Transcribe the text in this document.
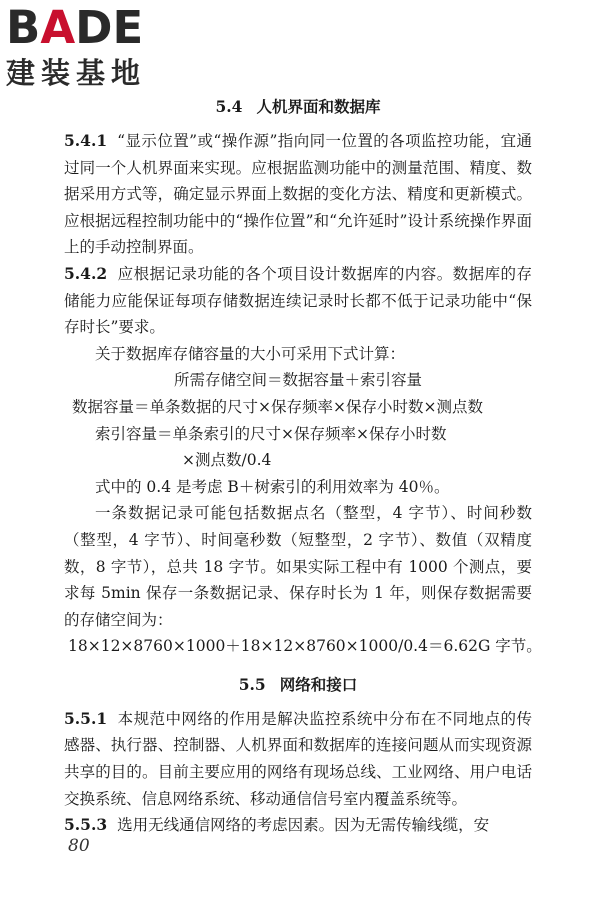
BADE
建装基地
5.4 人机界面和数据库

5.4.1 “显示位置”或“操作源”指向同一位置的各项监控功能，宜通过同一个人机界面来实现。应根据监测功能中的测量范围、精度、数据采用方式等，确定显示界面上数据的变化方法、精度和更新模式。应根据远程控制功能中的“操作位置”和“允许延时”设计系统操作界面上的手动控制界面。

5.4.2 应根据记录功能的各个项目设计数据库的内容。数据库的存储能力应能保证每项存储数据连续记录时长都不低于记录功能中“保存时长”要求。

关于数据库存储容量的大小可采用下式计算：

所需存储空间＝数据容量＋索引容量
数据容量＝单条数据的尺寸×保存频率×保存小时数×测点数
索引容量＝单条索引的尺寸×保存频率×保存小时数
×测点数/0.4

式中的 0.4 是考虑 B＋树索引的利用效率为 40％。

一条数据记录可能包括数据点名（整型，4 字节）、时间秒数（整型，4 字节）、时间毫秒数（短整型，2 字节）、数值（双精度数，8 字节），总共 18 字节。如果实际工程中有 1000 个测点，要求每 5min 保存一条数据记录、保存时长为 1 年，则保存数据需要的存储空间为：

18×12×8760×1000＋18×12×8760×1000/0.4＝6.62G 字节。
5.5 网络和接口

5.5.1 本规范中网络的作用是解决监控系统中分布在不同地点的传感器、执行器、控制器、人机界面和数据库的连接问题从而实现资源共享的目的。目前主要应用的网络有现场总线、工业网络、用户电话交换系统、信息网络系统、移动通信信号室内覆盖系统等。

5.5.3 选用无线通信网络的考虑因素。因为无需传输线缆，安

80
